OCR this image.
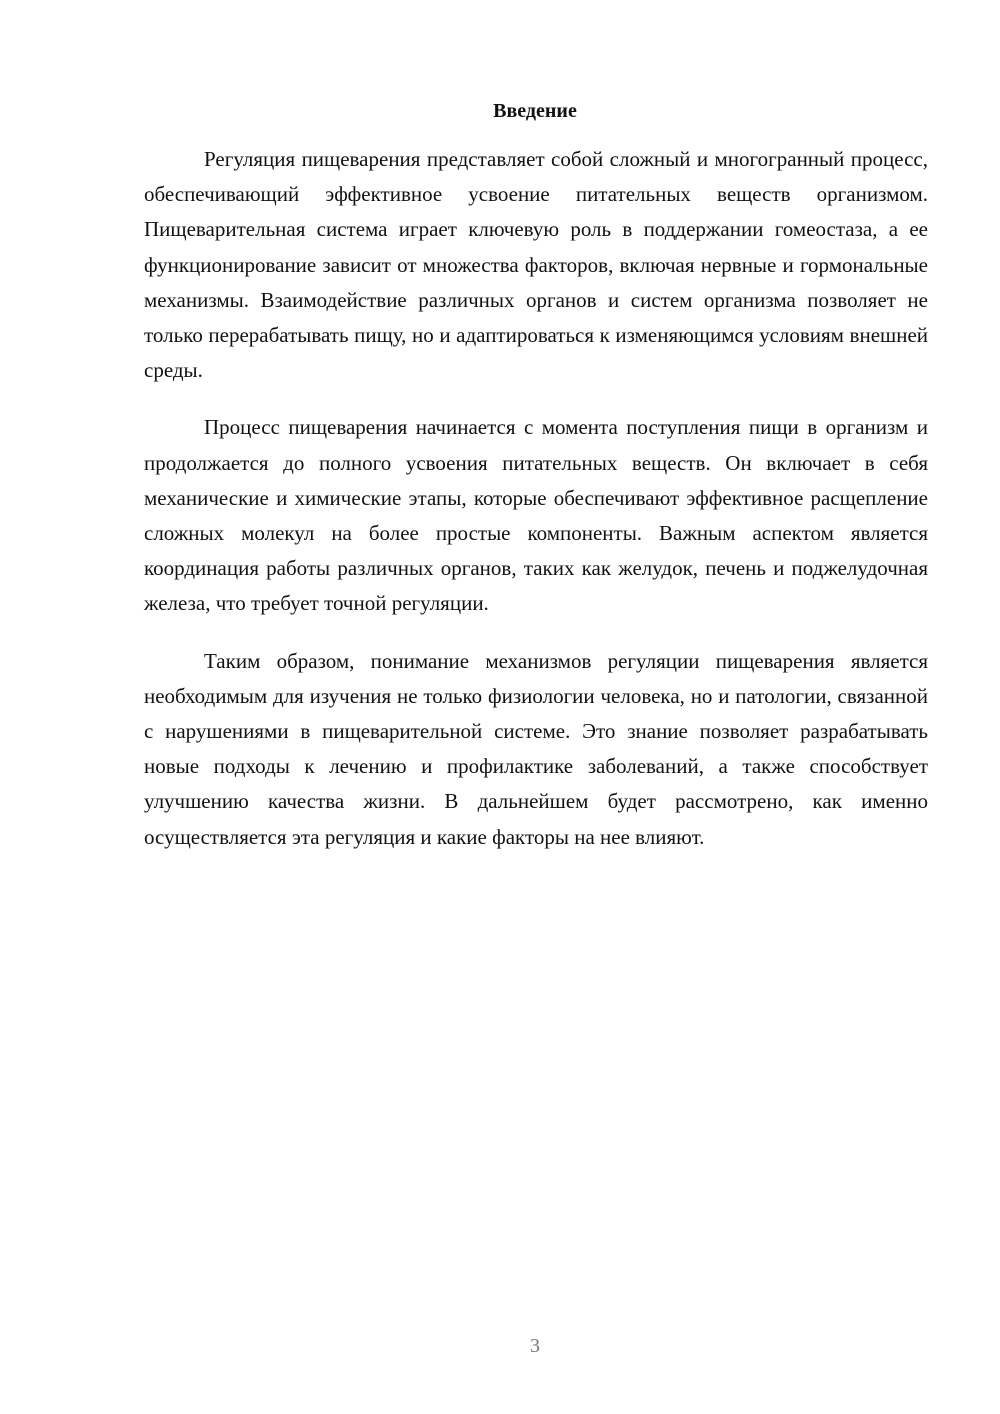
Введение

Регуляция пищеварения представляет собой сложный и многогранный процесс, обеспечивающий эффективное усвоение питательных веществ организмом. Пищеварительная система играет ключевую роль в поддержании гомеостаза, а ее функционирование зависит от множества факторов, включая нервные и гормональные механизмы. Взаимодействие различных органов и систем организма позволяет не только перерабатывать пищу, но и адаптироваться к изменяющимся условиям внешней среды.

Процесс пищеварения начинается с момента поступления пищи в организм и продолжается до полного усвоения питательных веществ. Он включает в себя механические и химические этапы, которые обеспечивают эффективное расщепление сложных молекул на более простые компоненты. Важным аспектом является координация работы различных органов, таких как желудок, печень и поджелудочная железа, что требует точной регуляции.

Таким образом, понимание механизмов регуляции пищеварения является необходимым для изучения не только физиологии человека, но и патологии, связанной с нарушениями в пищеварительной системе. Это знание позволяет разрабатывать новые подходы к лечению и профилактике заболеваний, а также способствует улучшению качества жизни. В дальнейшем будет рассмотрено, как именно осуществляется эта регуляция и какие факторы на нее влияют.

3
